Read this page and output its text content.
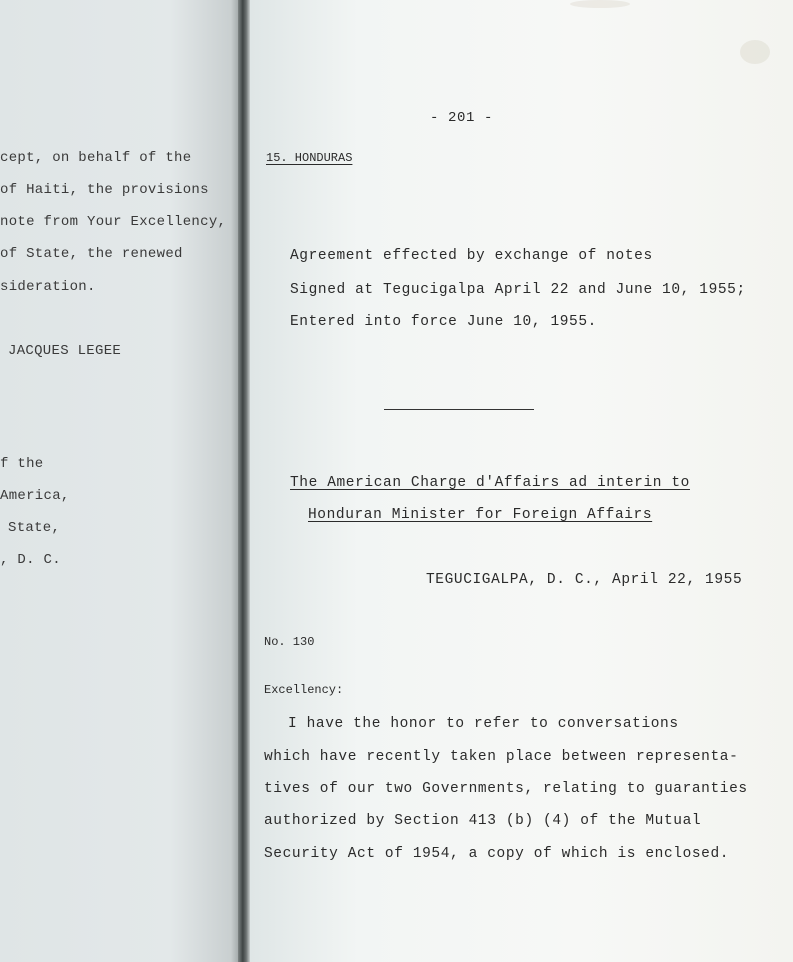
cept, on behalf of the
of Haiti, the provisions
note from Your Excellency,
of State, the renewed
sideration.
JACQUES LEGEE
f the
America,
State,
, D. C.
- 201 -
15. HONDURAS
Agreement effected by exchange of notes
Signed at Tegucigalpa April 22 and June 10, 1955;
Entered into force June 10, 1955.
The American Charge d'Affairs ad interin to
Honduran Minister for Foreign Affairs
TEGUCIGALPA, D. C., April 22, 1955
No. 130
Excellency:
I have the honor to refer to conversations
which have recently taken place between representa-
tives of our two Governments, relating to guaranties
authorized by Section 413 (b) (4) of the Mutual
Security Act of 1954, a copy of which is enclosed.
